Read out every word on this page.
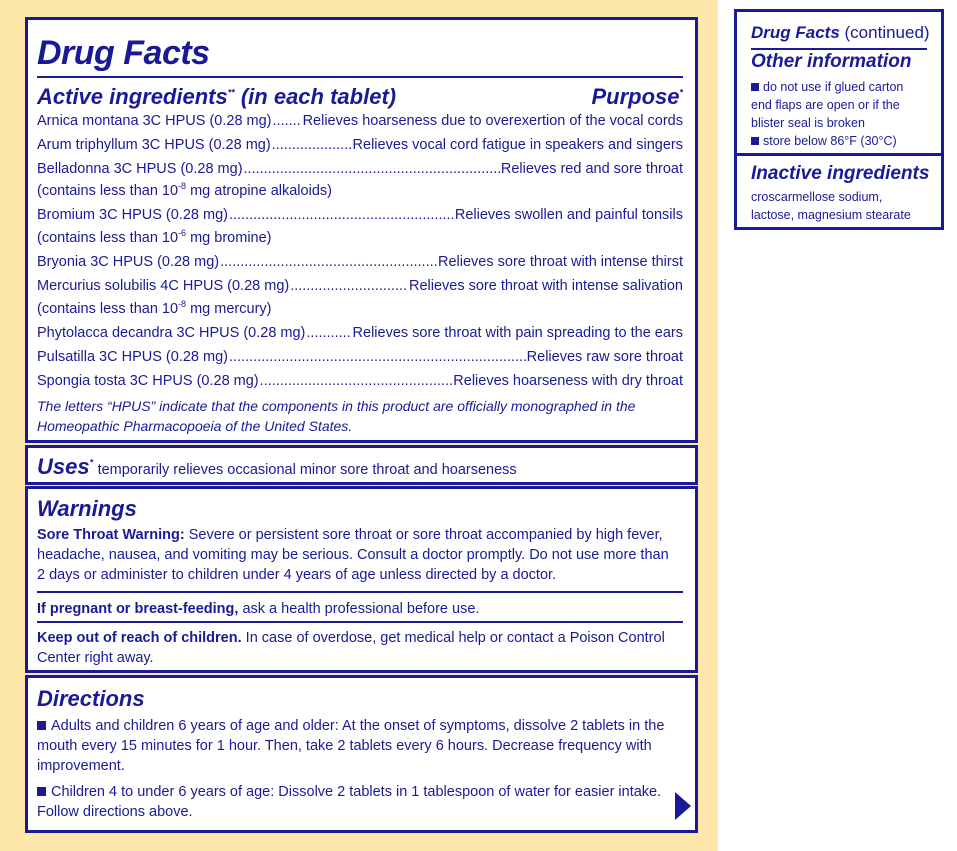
Drug Facts
Active ingredients** (in each tablet)	Purpose*
Arnica montana 3C HPUS (0.28 mg) ..... Relieves hoarseness due to overexertion of the vocal cords
Arum triphyllum 3C HPUS (0.28 mg) .....	Relieves vocal cord fatigue in speakers and singers
Belladonna 3C HPUS (0.28 mg) .....	Relieves red and sore throat
(contains less than $10^{-8}$ mg atropine alkaloids)
Bromium 3C HPUS (0.28 mg) .....	Relieves swollen and painful tonsils
(contains less than $10^{-6}$ mg bromine)
Bryonia 3C HPUS (0.28 mg) .....	Relieves sore throat with intense thirst
Mercurius solubilis 4C HPUS (0.28 mg) .....	Relieves sore throat with intense salivation
(contains less than $10^{-8}$ mg mercury)
Phytolacca decandra 3C HPUS (0.28 mg) .....	Relieves sore throat with pain spreading to the ears
Pulsatilla 3C HPUS (0.28 mg) .....	Relieves raw sore throat
Spongia tosta 3C HPUS (0.28 mg) .....	Relieves hoarseness with dry throat
The letters “HPUS” indicate that the components in this product are officially monographed in the Homeopathic Pharmacopoeia of the United States.
Uses* temporarily relieves occasional minor sore throat and hoarseness
Warnings
Sore Throat Warning: Severe or persistent sore throat or sore throat accompanied by high fever, headache, nausea, and vomiting may be serious. Consult a doctor promptly. Do not use more than 2 days or administer to children under 4 years of age unless directed by a doctor.
If pregnant or breast-feeding, ask a health professional before use.
Keep out of reach of children. In case of overdose, get medical help or contact a Poison Control Center right away.
Directions
Adults and children 6 years of age and older: At the onset of symptoms, dissolve 2 tablets in the mouth every 15 minutes for 1 hour. Then, take 2 tablets every 6 hours. Decrease frequency with improvement.
Children 4 to under 6 years of age: Dissolve 2 tablets in 1 tablespoon of water for easier intake. Follow directions above.
Drug Facts (continued)
Other information
do not use if glued carton end flaps are open or if the blister seal is broken
store below 86°F (30°C)
Inactive ingredients
croscarmellose sodium, lactose, magnesium stearate
